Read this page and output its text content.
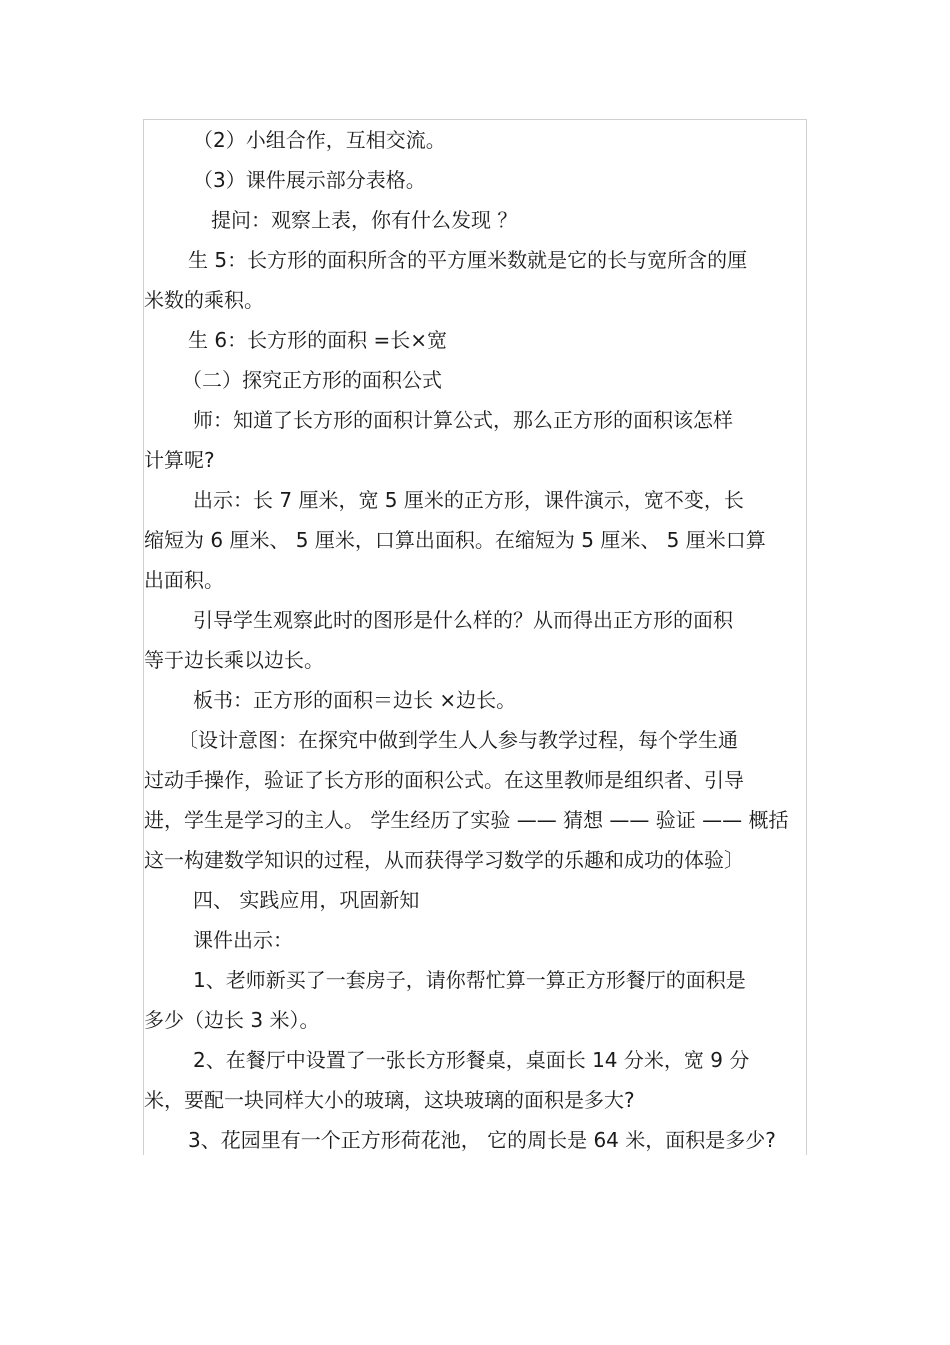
（2）小组合作，互相交流。
（3）课件展示部分表格。
提问：观察上表，你有什么发现 ？
生 5：长方形的面积所含的平方厘米数就是它的长与宽所含的厘
米数的乘积。
生 6：长方形的面积 =长×宽
（二）探究正方形的面积公式
师：知道了长方形的面积计算公式，那么正方形的面积该怎样
计算呢?
出示：长 7 厘米，宽 5 厘米的正方形，课件演示，宽不变，长
缩短为 6 厘米、 5 厘米，口算出面积。在缩短为 5 厘米、 5 厘米口算
出面积。
引导学生观察此时的图形是什么样的？从而得出正方形的面积
等于边长乘以边长。
板书：正方形的面积＝边长 ×边长。
〔设计意图：在探究中做到学生人人参与教学过程，每个学生通
过动手操作，验证了长方形的面积公式。在这里教师是组织者、引导
进，学生是学习的主人。 学生经历了实验 —— 猜想 —— 验证 —— 概括
这一构建数学知识的过程，从而获得学习数学的乐趣和成功的体验〕
四、 实践应用，巩固新知
课件出示：
1、老师新买了一套房子，请你帮忙算一算正方形餐厅的面积是
多少（边长 3 米）。
2、在餐厅中设置了一张长方形餐桌，桌面长 14 分米，宽 9 分
米，要配一块同样大小的玻璃，这块玻璃的面积是多大?
3、花园里有一个正方形荷花池， 它的周长是 64 米，面积是多少?
